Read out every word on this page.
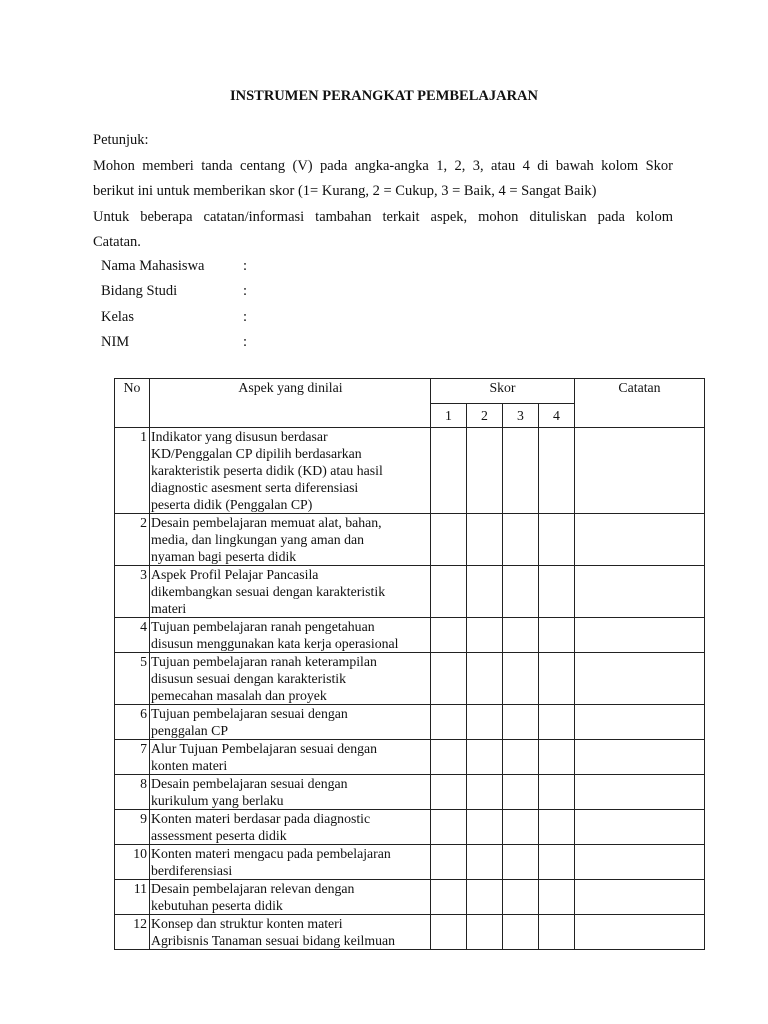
INSTRUMEN PERANGKAT PEMBELAJARAN
Petunjuk:
Mohon memberi tanda centang (V) pada angka-angka 1, 2, 3, atau 4 di bawah kolom Skor
berikut ini untuk memberikan skor (1= Kurang, 2 = Cukup, 3 = Baik, 4 = Sangat Baik)
Untuk beberapa catatan/informasi tambahan terkait aspek, mohon dituliskan pada kolom
Catatan.
Nama Mahasiswa	:
Bidang Studi	:
Kelas	:
NIM	:
No	Aspek yang dinilai	Skor				Catatan
		1	2	3	4	
1	Indikator yang disusun berdasar
KD/Penggalan CP dipilih berdasarkan
karakteristik peserta didik (KD) atau hasil
diagnostic asesment serta diferensiasi
peserta didik (Penggalan CP)					

2	Desain pembelajaran memuat alat, bahan,
media, dan lingkungan yang aman dan
nyaman bagi peserta didik					

3	Aspek Profil Pelajar Pancasila
dikembangkan sesuai dengan karakteristik
materi					

4	Tujuan pembelajaran ranah pengetahuan
disusun menggunakan kata kerja operasional					

5	Tujuan pembelajaran ranah keterampilan
disusun sesuai dengan karakteristik
pemecahan masalah dan proyek					

6	Tujuan pembelajaran sesuai dengan
penggalan CP					

7	Alur Tujuan Pembelajaran sesuai dengan
konten materi					

8	Desain pembelajaran sesuai dengan
kurikulum yang berlaku					

9	Konten materi berdasar pada diagnostic
assessment peserta didik					

10	Konten materi mengacu pada pembelajaran
berdiferensiasi					

11	Desain pembelajaran relevan dengan
kebutuhan peserta didik					

12	Konsep dan struktur konten materi
Agribisnis Tanaman sesuai bidang keilmuan					
